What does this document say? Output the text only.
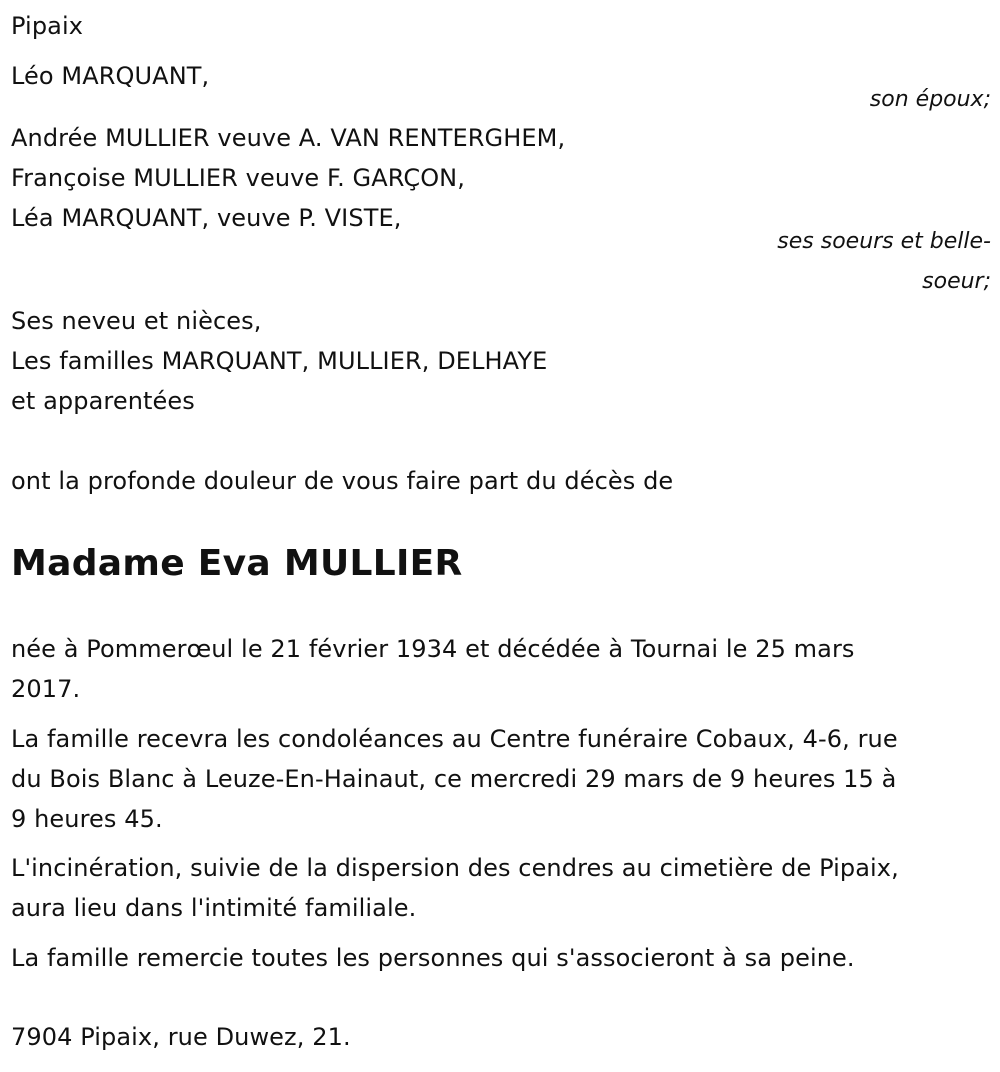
Pipaix
Léo MARQUANT,
son époux;
Andrée MULLIER veuve A. VAN RENTERGHEM,
Françoise MULLIER veuve F. GARÇON,
Léa MARQUANT, veuve P. VISTE,
ses soeurs et belle-
soeur;
Ses neveu et nièces,
Les familles MARQUANT, MULLIER, DELHAYE
et apparentées
ont la profonde douleur de vous faire part du décès de
Madame Eva MULLIER
née à Pommerœul le 21 février 1934 et décédée à Tournai le 25 mars
2017.
La famille recevra les condoléances au Centre funéraire Cobaux, 4-6, rue
du Bois Blanc à Leuze-En-Hainaut, ce mercredi 29 mars de 9 heures 15 à
9 heures 45.
L'incinération, suivie de la dispersion des cendres au cimetière de Pipaix,
aura lieu dans l'intimité familiale.
La famille remercie toutes les personnes qui s'associeront à sa peine.
7904 Pipaix, rue Duwez, 21.
